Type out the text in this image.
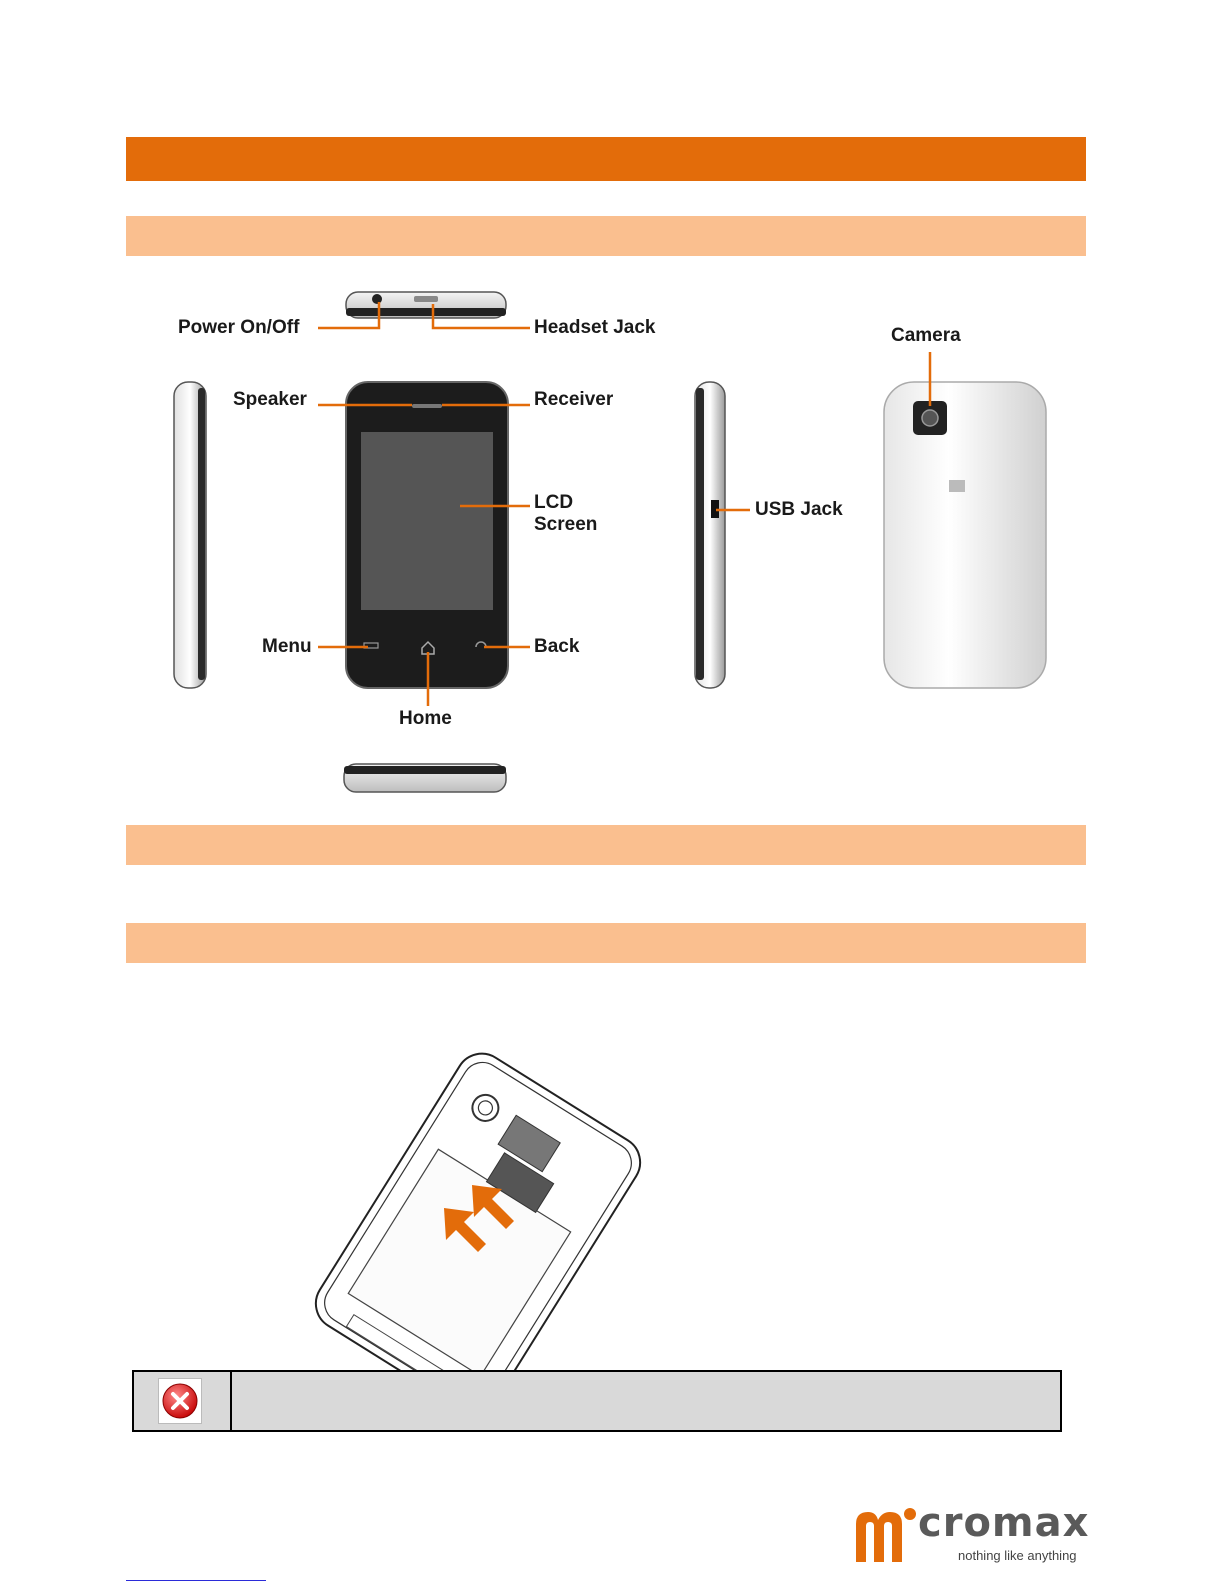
Power On/Off	Headset Jack	Camera
Speaker	Receiver
LCD
Screen
USB Jack
Menu	Back
Home
cromax
nothing like anything
